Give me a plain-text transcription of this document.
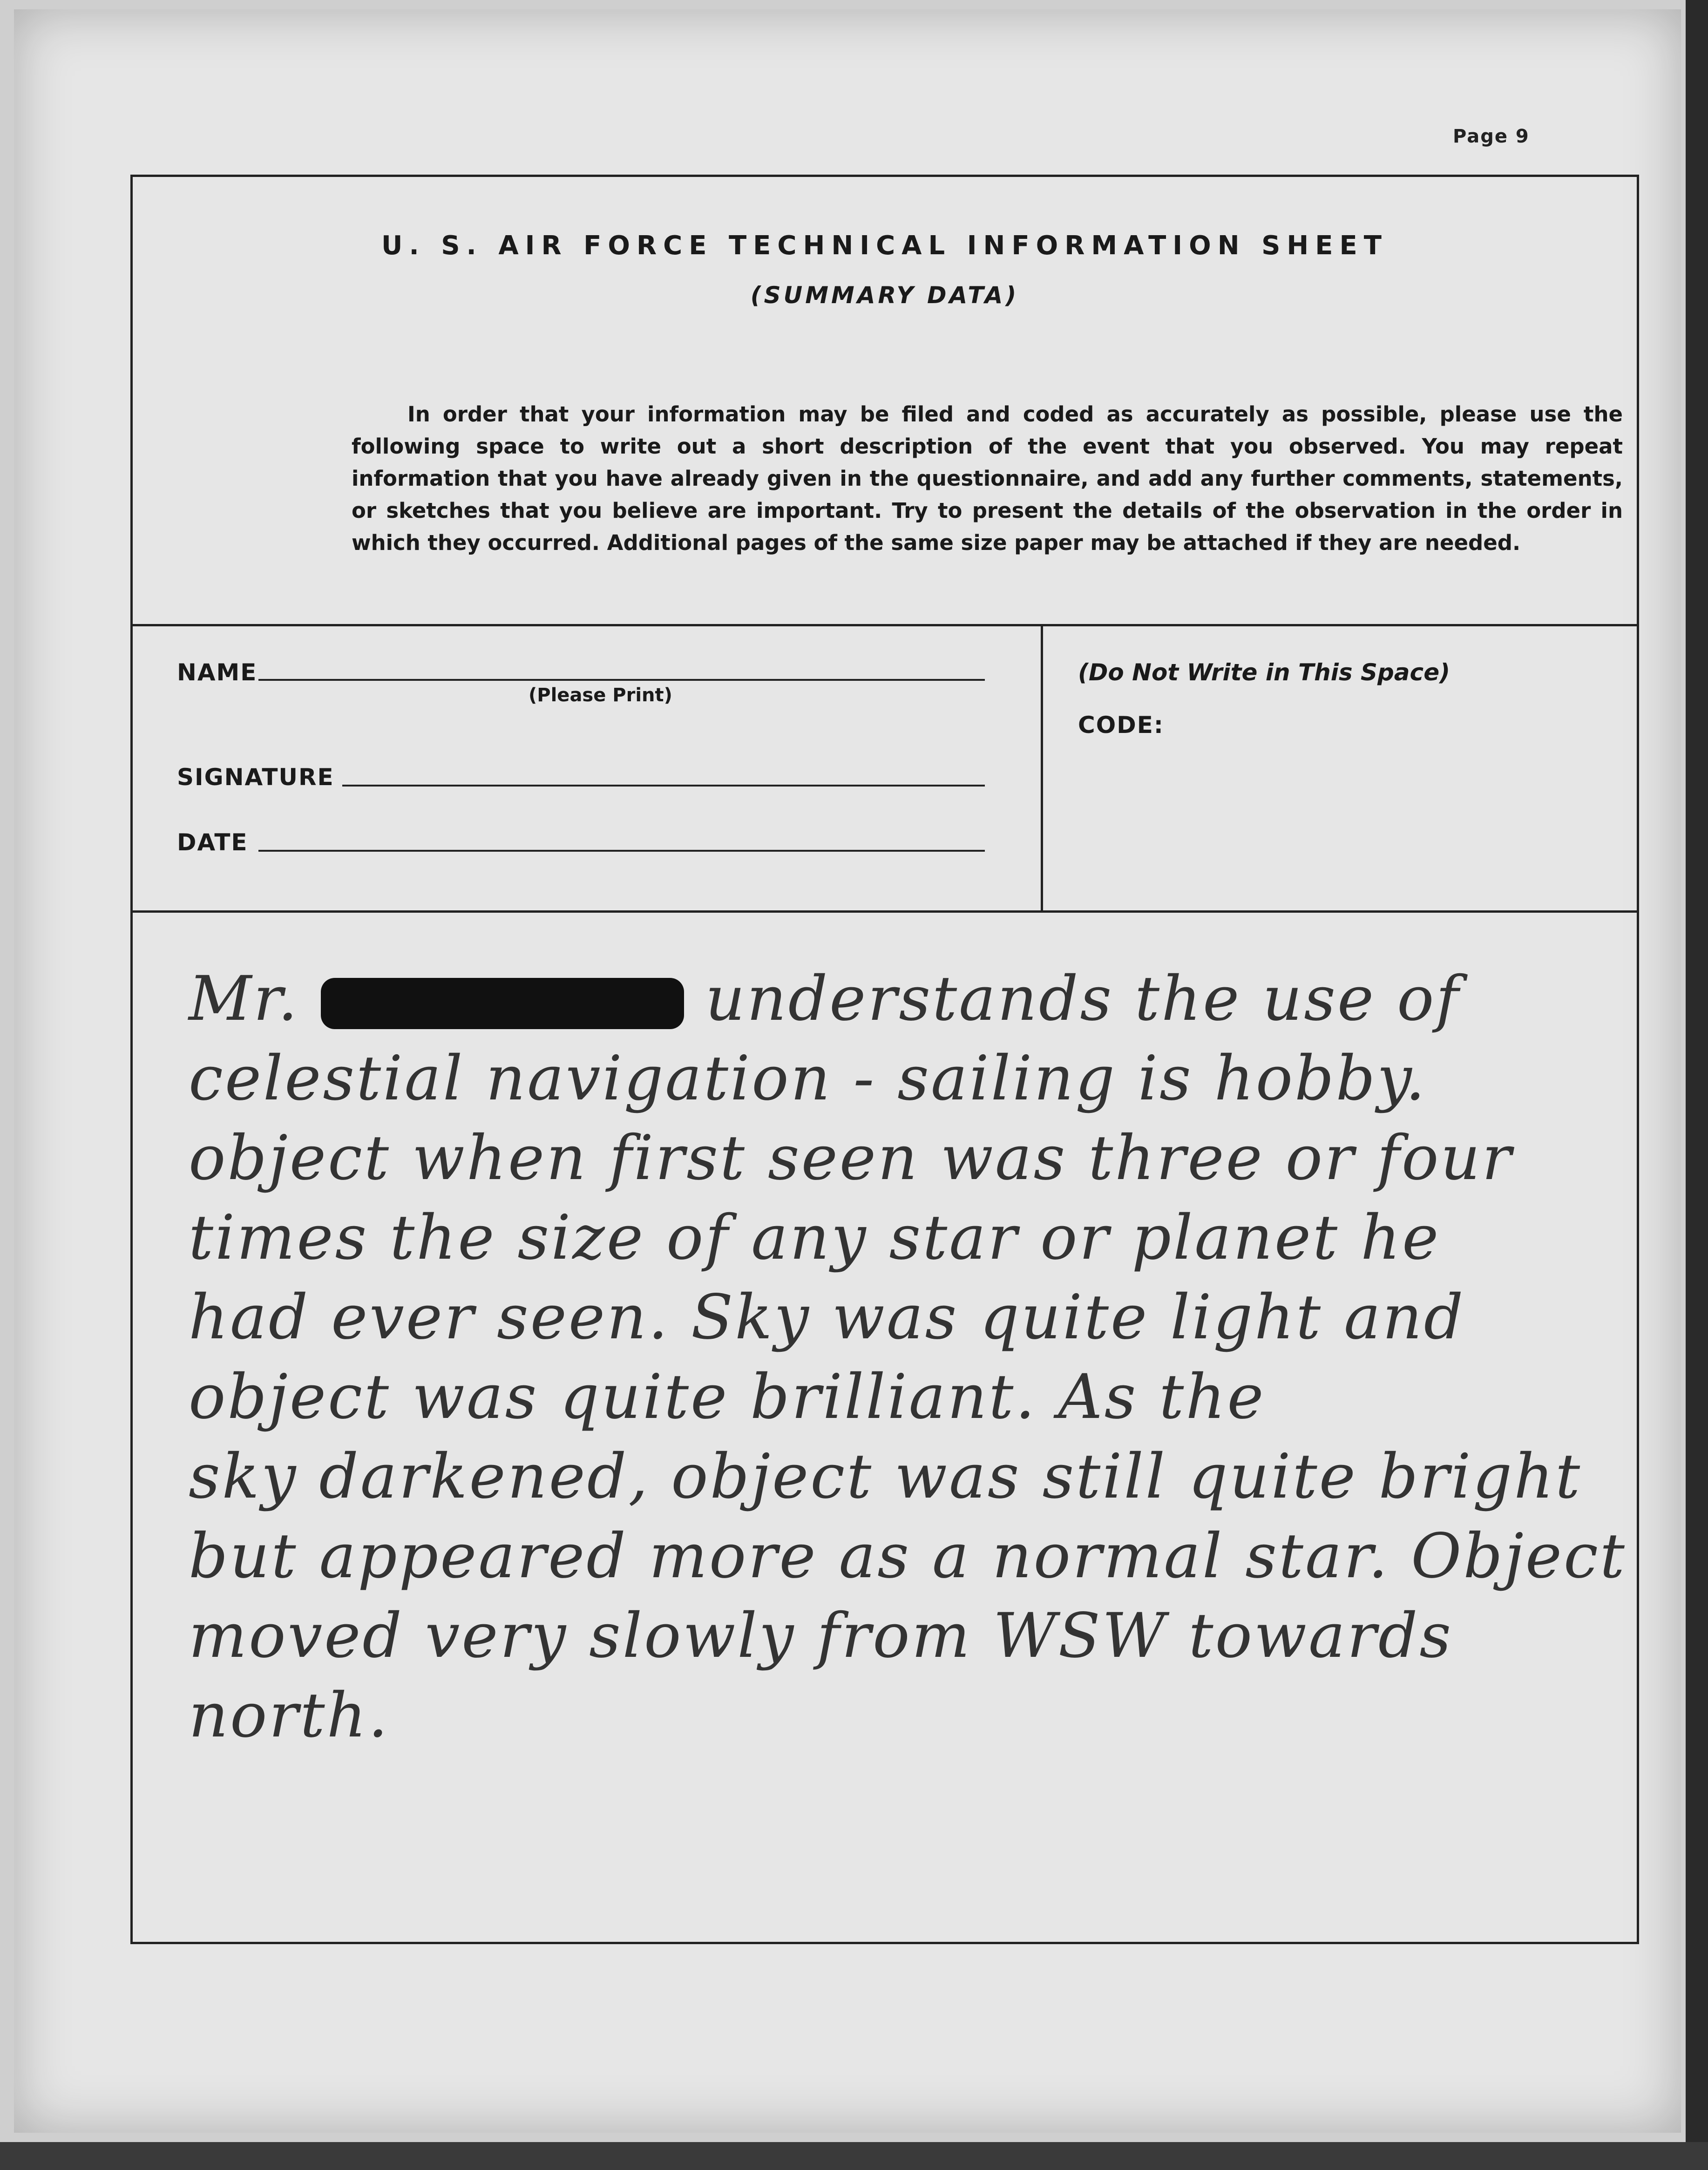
Page 9
U. S. AIR FORCE TECHNICAL INFORMATION SHEET
(SUMMARY DATA)
In order that your information may be filed and coded as accurately as possible, please use the following space to write out a short description of the event that you observed. You may repeat information that you have already given in the questionnaire, and add any further comments, statements, or sketches that you believe are important. Try to present the details of the observation in the order in which they occurred. Additional pages of the same size paper may be attached if they are needed.
NAME
(Please Print)
SIGNATURE
DATE
(Do Not Write in This Space)
CODE:

Mr.	understands the use of

celestial navigation - sailing is hobby.

object when first seen was three or four

times the size of any star or planet he

had ever seen. Sky was quite light and

object was quite brilliant. As the

sky darkened, object was still quite bright

but appeared more as a normal star. Object

moved very slowly from WSW towards

north.
